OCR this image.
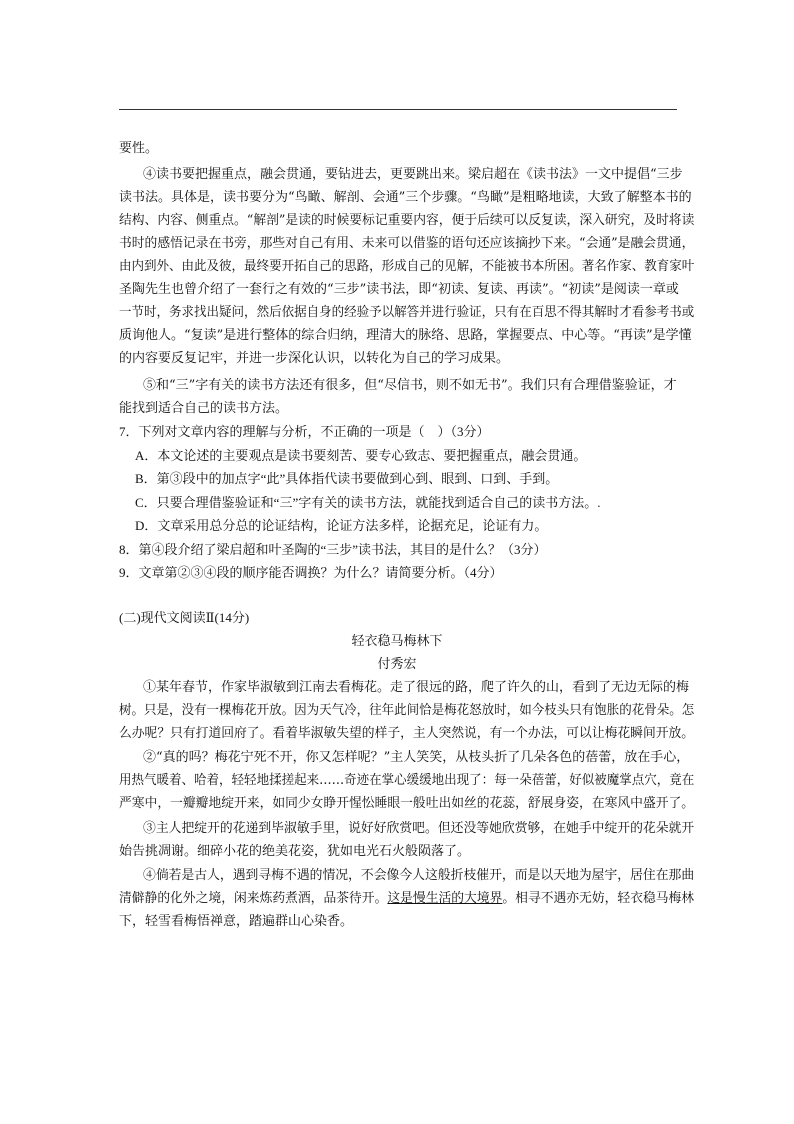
要性。
④读书要把握重点，融会贯通，要钻进去，更要跳出来。梁启超在《读书法》一文中提倡“三步
读书法。具体是，读书要分为“鸟瞰、解剖、会通”三个步骤。“鸟瞰”是粗略地读，大致了解整本书的
结构、内容、侧重点。“解剖”是读的时候要标记重要内容，便于后续可以反复读，深入研究，及时将读
书时的感悟记录在书旁，那些对自己有用、未来可以借鉴的语句还应该摘抄下来。“会通”是融会贯通，
由内到外、由此及彼，最终要开拓自己的思路，形成自己的见解，不能被书本所困。著名作家、教育家叶
圣陶先生也曾介绍了一套行之有效的“三步”读书法，即“初读、复读、再读”。“初读”是阅读一章或
一节时，务求找出疑问，然后依据自身的经验予以解答并进行验证，只有在百思不得其解时才看参考书或
质询他人。“复读”是进行整体的综合归纳，理清大的脉络、思路，掌握要点、中心等。“再读”是学懂
的内容要反复记牢，并进一步深化认识，以转化为自己的学习成果。
⑤和“三”字有关的读书方法还有很多，但“尽信书，则不如无书”。我们只有合理借鉴验证，才
能找到适合自己的读书方法。
7．下列对文章内容的理解与分析，不正确的一项是（　）（3分）
A．本文论述的主要观点是读书要刻苦、要专心致志、要把握重点，融会贯通。
B．第③段中的加点字“此”具体指代读书要做到心到、眼到、口到、手到。
C．只要合理借鉴验证和“三”字有关的读书方法，就能找到适合自己的读书方法。.
D．文章采用总分总的论证结构，论证方法多样，论据充足，论证有力。
8．第④段介绍了梁启超和叶圣陶的“三步”读书法，其目的是什么？（3分）
9．文章第②③④段的顺序能否调换？为什么？请简要分析。（4分）
(二)现代文阅读Ⅱ(14分)
轻衣稳马梅林下
付秀宏
①某年春节，作家毕淑敏到江南去看梅花。走了很远的路，爬了许久的山，看到了无边无际的梅
树。只是，没有一棵梅花开放。因为天气冷，往年此间恰是梅花怒放时，如今枝头只有饱胀的花骨朵。怎
么办呢？只有打道回府了。看着毕淑敏失望的样子，主人突然说，有一个办法，可以让梅花瞬间开放。
②“真的吗？梅花宁死不开，你又怎样呢？”主人笑笑，从枝头折了几朵各色的蓓蕾，放在手心，
用热气暖着、哈着，轻轻地揉搓起来……奇迹在掌心缓缓地出现了：每一朵蓓蕾，好似被魔掌点穴，竟在
严寒中，一瓣瓣地绽开来，如同少女睁开惺忪睡眼一般吐出如丝的花蕊，舒展身姿，在寒风中盛开了。
③主人把绽开的花递到毕淑敏手里，说好好欣赏吧。但还没等她欣赏够，在她手中绽开的花朵就开
始告挑凋谢。细碎小花的绝美花姿，犹如电光石火般陨落了。
④倘若是古人，遇到寻梅不遇的情况，不会像今人这般折枝催开，而是以天地为屋宇，居住在那曲
清僻静的化外之境，闲来炼药煮酒，品茶待开。这是慢生活的大境界。相寻不遇亦无妨，轻衣稳马梅林
下，轻雪看梅悟禅意，踏遍群山心染香。
